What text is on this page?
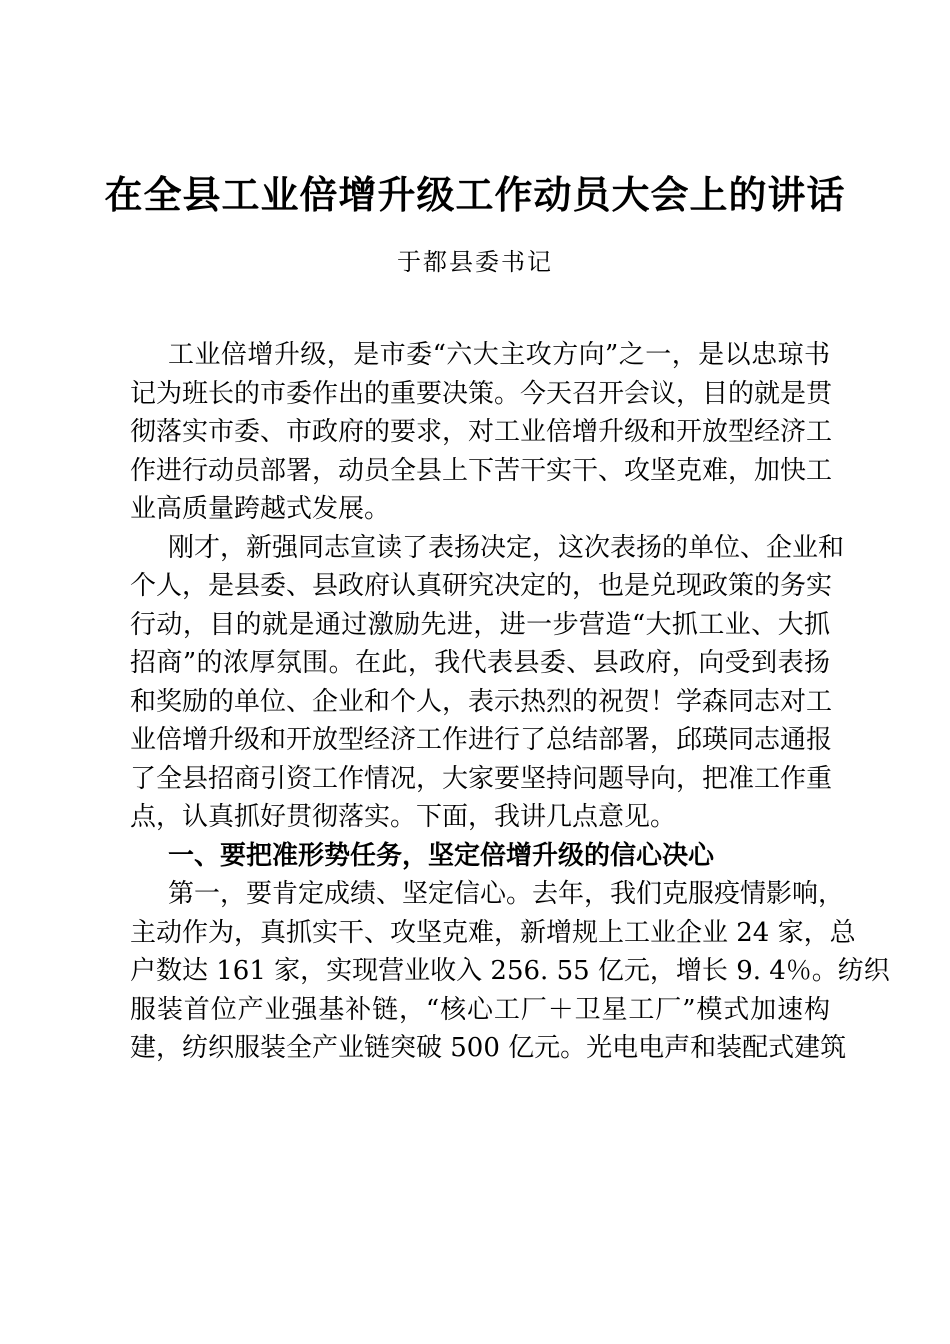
在全县工业倍增升级工作动员大会上的讲话
于都县委书记
工业倍增升级，是市委“六大主攻方向”之一，是以忠琼书
记为班长的市委作出的重要决策。今天召开会议，目的就是贯
彻落实市委、市政府的要求，对工业倍增升级和开放型经济工
作进行动员部署，动员全县上下苦干实干、攻坚克难，加快工
业高质量跨越式发展。
刚才，新强同志宣读了表扬决定，这次表扬的单位、企业和
个人，是县委、县政府认真研究决定的，也是兑现政策的务实
行动，目的就是通过激励先进，进一步营造“大抓工业、大抓
招商”的浓厚氛围。在此，我代表县委、县政府，向受到表扬
和奖励的单位、企业和个人，表示热烈的祝贺！学森同志对工
业倍增升级和开放型经济工作进行了总结部署，邱瑛同志通报
了全县招商引资工作情况，大家要坚持问题导向，把准工作重
点，认真抓好贯彻落实。下面，我讲几点意见。
一、要把准形势任务，坚定倍增升级的信心决心
第一，要肯定成绩、坚定信心。去年，我们克服疫情影响，
主动作为，真抓实干、攻坚克难，新增规上工业企业 24 家，总
户数达 161 家，实现营业收入 256. 55 亿元，增长 9. 4％。纺织
服装首位产业强基补链，“核心工厂＋卫星工厂”模式加速构
建，纺织服装全产业链突破 500 亿元。光电电声和装配式建筑
